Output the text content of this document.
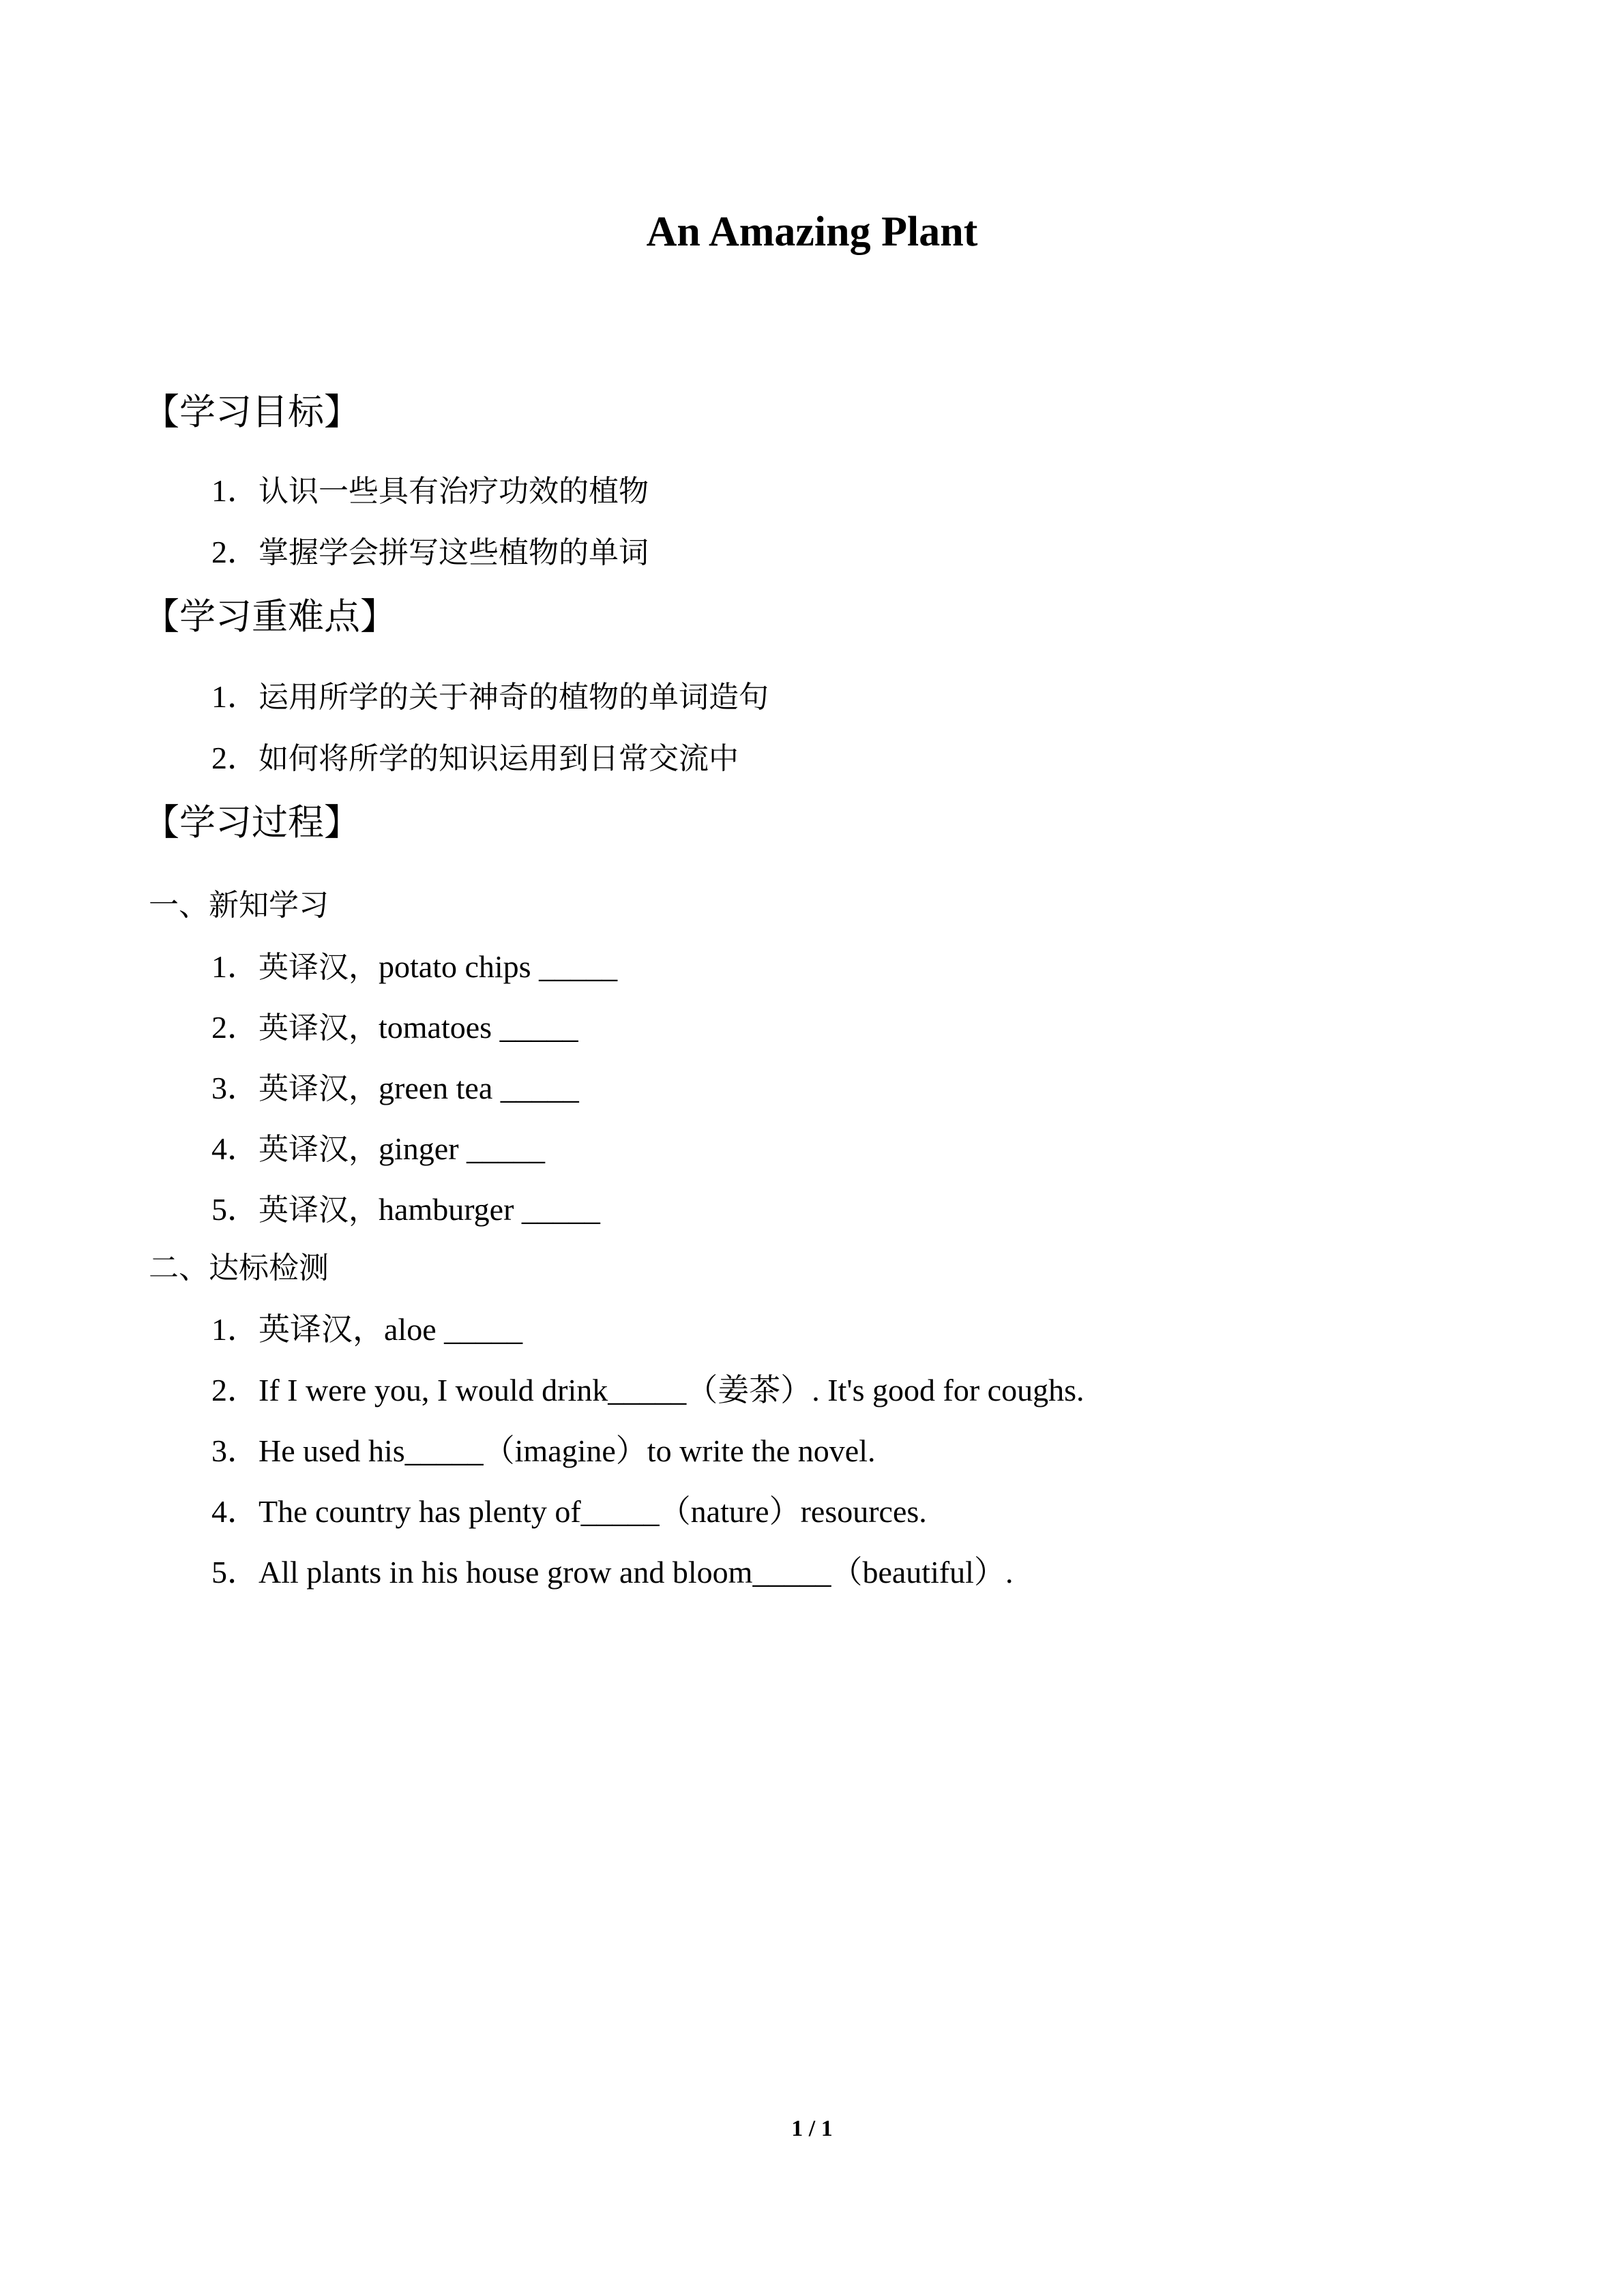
An Amazing Plant
【学习目标】
1．认识一些具有治疗功效的植物
2．掌握学会拼写这些植物的单词
【学习重难点】
1．运用所学的关于神奇的植物的单词造句
2．如何将所学的知识运用到日常交流中
【学习过程】
一、新知学习
1．英译汉，potato chips _____
2．英译汉，tomatoes _____
3．英译汉，green tea _____
4．英译汉，ginger _____
5．英译汉，hamburger _____
二、达标检测
1．英译汉，aloe _____
2．If I were you, I would drink_____（姜茶）. It's good for coughs.
3．He used his_____（imagine）to write the novel.
4．The country has plenty of_____（nature）resources.
5．All plants in his house grow and bloom_____（beautiful）.
1 / 1
